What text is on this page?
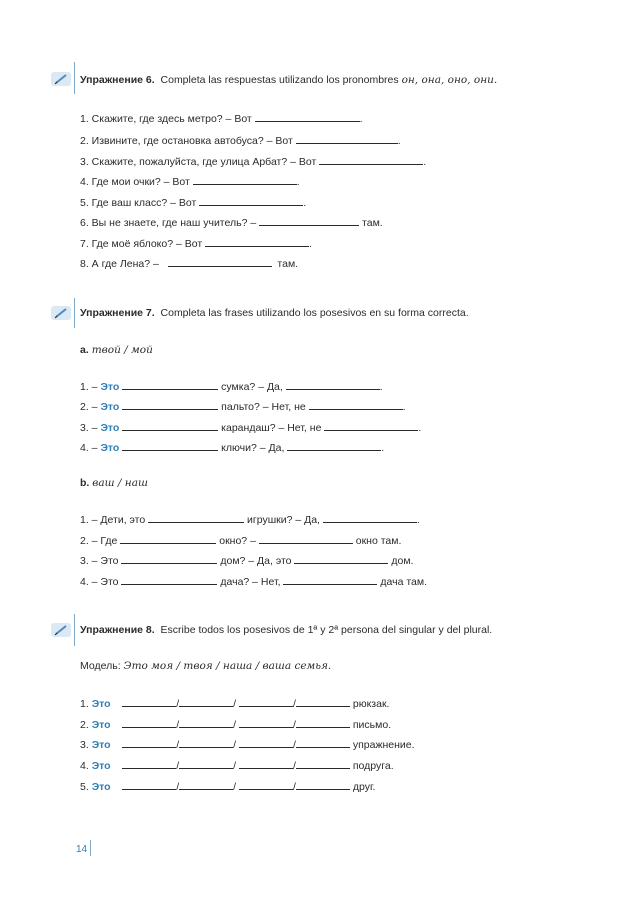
Упражнение 6. Completa las respuestas utilizando los pronombres он, она, оно, они.
1. Скажите, где здесь метро? – Вот	.
2. Извините, где остановка автобуса? – Вот	.
3. Скажите, пожалуйста, где улица Арбат? – Вот	.
4. Где мои очки? – Вот	.
5. Где ваш класс? – Вот	.
6. Вы не знаете, где наш учитель? –	там.
7. Где моё яблоко? – Вот	.
8. А где Лена? –	там.
Упражнение 7. Completa las frases utilizando los posesivos en su forma correcta.
a. твой / мой
1. – Это	сумка? – Да,	.
2. – Это	пальто? – Нет, не	.
3. – Это	карандаш? – Нет, не	.
4. – Это	ключи? – Да,	.
b. ваш / наш
1. – Дети, это	игрушки? – Да,	.
2. – Где	окно? –	окно там.
3. – Это	дом? – Да, это	дом.
4. – Это	дача? – Нет,	дача там.
Упражнение 8. Escribe todos los posesivos de 1ª y 2ª persona del singular y del plural.
Модель: Это моя / твоя / наша / ваша семья.
1. Это	/	/	/	рюкзак.
2. Это	/	/	/	письмо.
3. Это	/	/	/	упражнение.
4. Это	/	/	/	подруга.
5. Это	/	/	/	друг.
14
